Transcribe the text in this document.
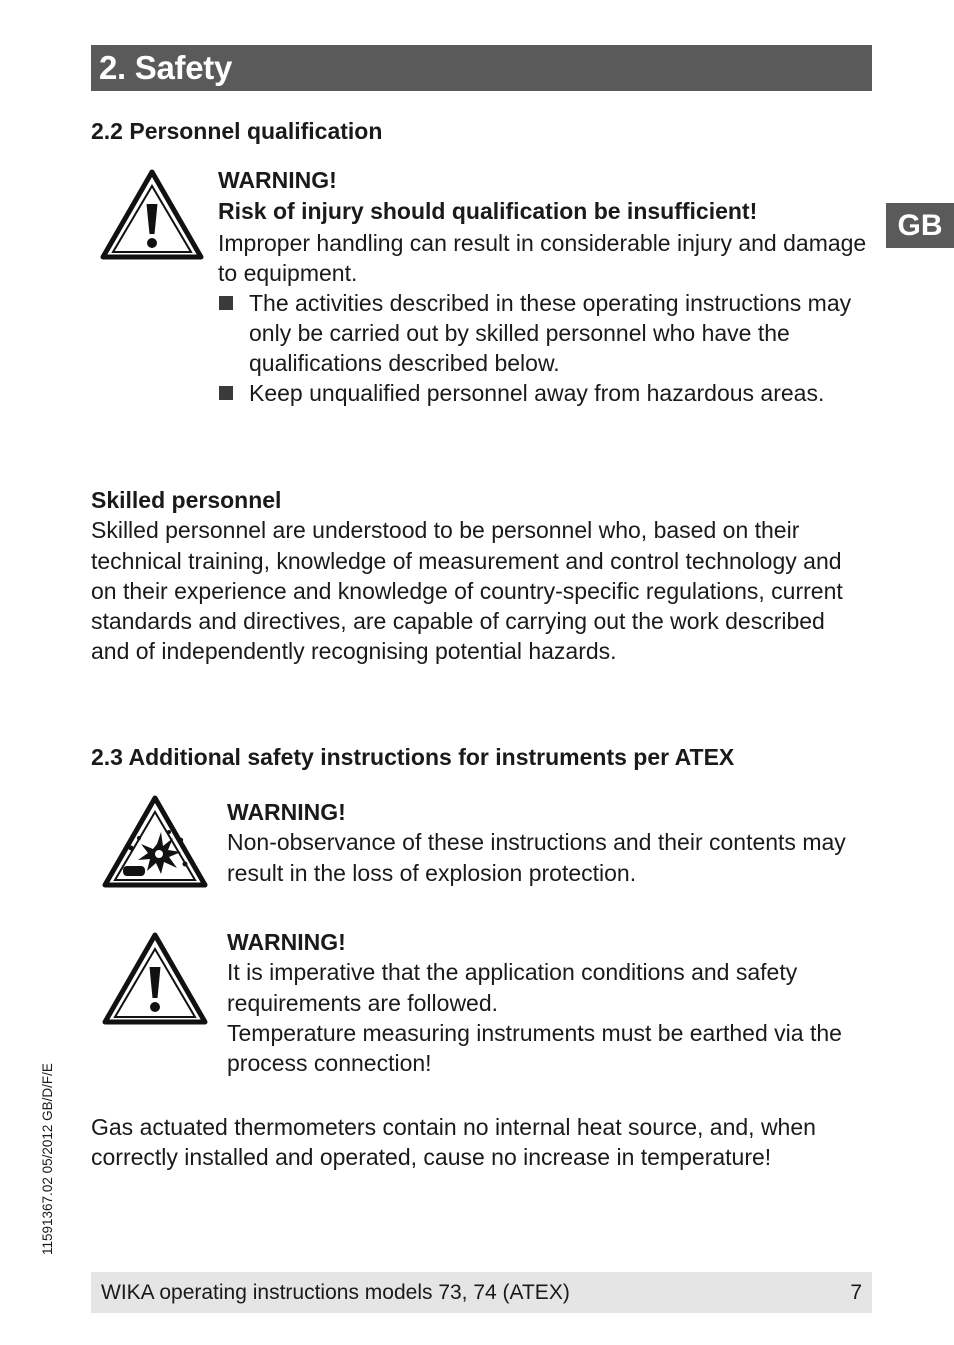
2. Safety
GB
2.2 Personnel qualification
WARNING!
Risk of injury should qualification be insufficient!
Improper handling can result in considerable injury and damage to equipment.
The activities described in these operating instructions may only be carried out by skilled personnel who have the qualifications described below.
Keep unqualified personnel away from hazardous areas.
Skilled personnel
Skilled personnel are understood to be personnel who, based on their technical training, knowledge of measurement and control technology and on their experience and knowledge of country-specific regulations, current standards and directives, are capable of carrying out the work described and of independently recognising potential hazards.
2.3 Additional safety instructions for instruments per ATEX
WARNING!
Non-observance of these instructions and their contents may result in the loss of explosion protection.
WARNING!
It is imperative that the application conditions and safety requirements are followed.
Temperature measuring instruments must be earthed via the process connection!
Gas actuated thermometers contain no internal heat source, and, when correctly installed and operated, cause no increase in temperature!
11591367.02 05/2012 GB/D/F/E
WIKA operating instructions models 73, 74 (ATEX)	7
